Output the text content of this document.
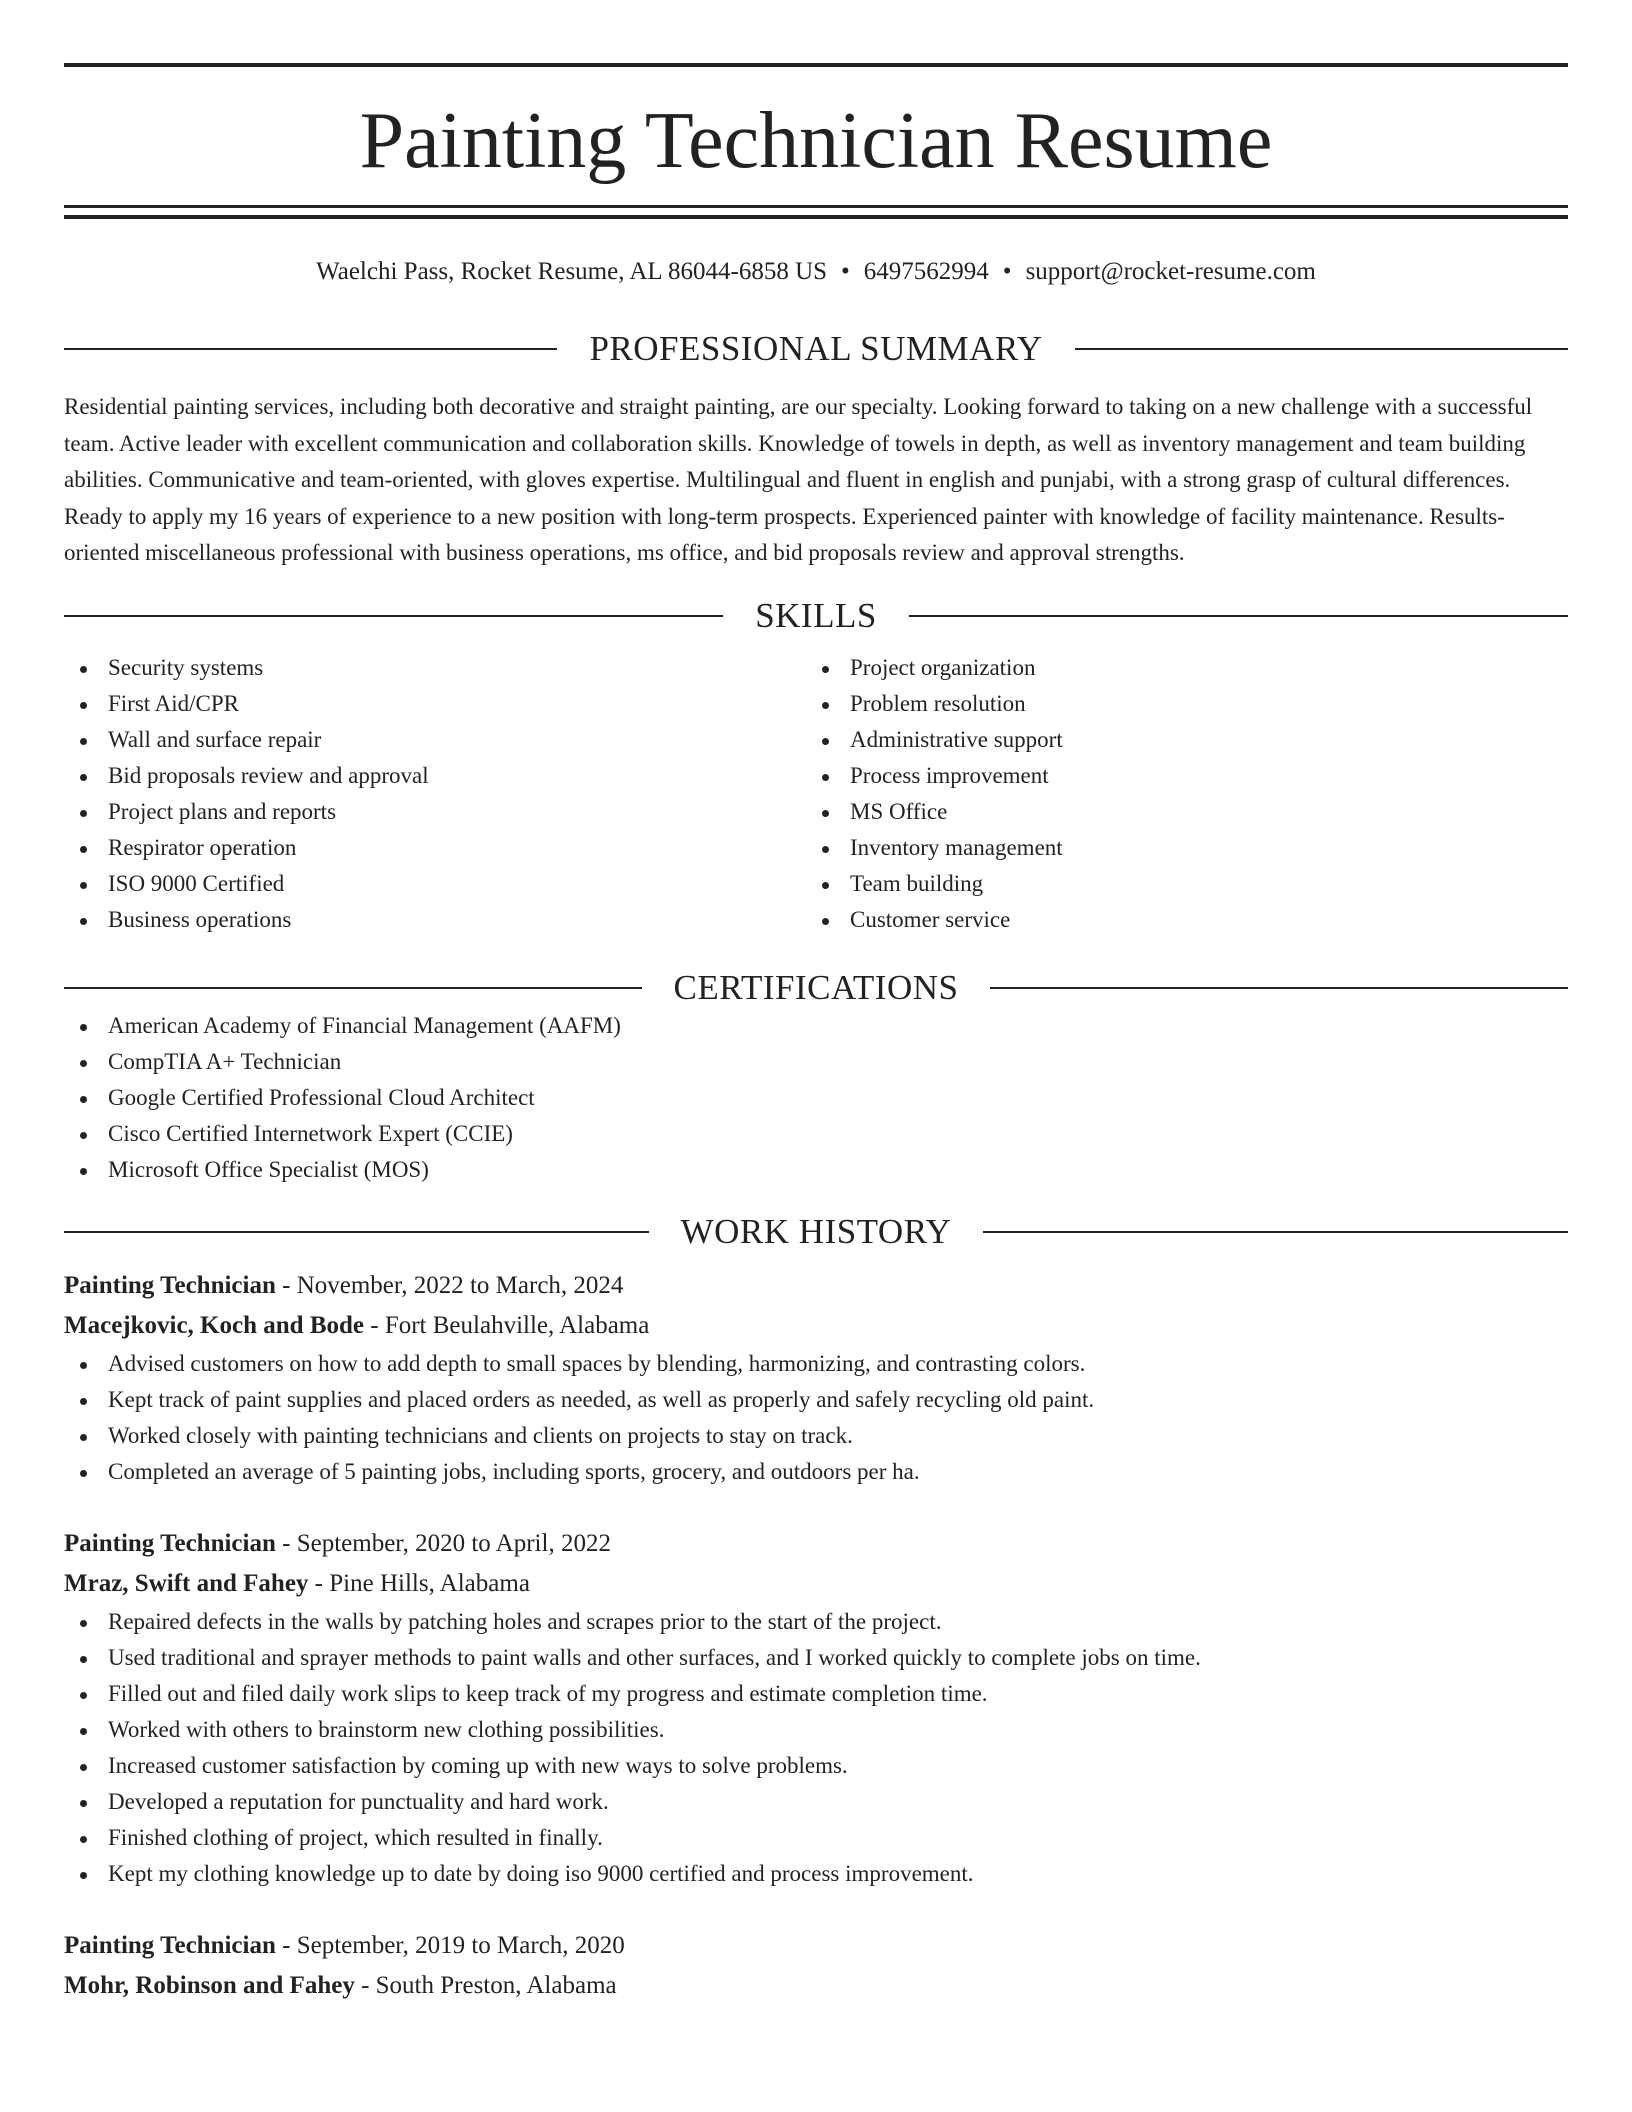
Painting Technician Resume
Waelchi Pass, Rocket Resume, AL 86044-6858 US • 6497562994 • support@rocket-resume.com
PROFESSIONAL SUMMARY

Residential painting services, including both decorative and straight painting, are our specialty. Looking forward to taking on a new challenge with a successful team. Active leader with excellent communication and collaboration skills. Knowledge of towels in depth, as well as inventory management and team building abilities. Communicative and team-oriented, with gloves expertise. Multilingual and fluent in english and punjabi, with a strong grasp of cultural differences. Ready to apply my 16 years of experience to a new position with long-term prospects. Experienced painter with knowledge of facility maintenance. Results-oriented miscellaneous professional with business operations, ms office, and bid proposals review and approval strengths.

SKILLS
Security systems
First Aid/CPR
Wall and surface repair
Bid proposals review and approval
Project plans and reports
Respirator operation
ISO 9000 Certified
Business operations
Project organization
Problem resolution
Administrative support
Process improvement
MS Office
Inventory management
Team building
Customer service
CERTIFICATIONS
American Academy of Financial Management (AAFM)
CompTIA A+ Technician
Google Certified Professional Cloud Architect
Cisco Certified Internetwork Expert (CCIE)
Microsoft Office Specialist (MOS)
WORK HISTORY
Painting Technician - November, 2022 to March, 2024
Macejkovic, Koch and Bode - Fort Beulahville, Alabama
Advised customers on how to add depth to small spaces by blending, harmonizing, and contrasting colors.
Kept track of paint supplies and placed orders as needed, as well as properly and safely recycling old paint.
Worked closely with painting technicians and clients on projects to stay on track.
Completed an average of 5 painting jobs, including sports, grocery, and outdoors per ha.
Painting Technician - September, 2020 to April, 2022
Mraz, Swift and Fahey - Pine Hills, Alabama
Repaired defects in the walls by patching holes and scrapes prior to the start of the project.
Used traditional and sprayer methods to paint walls and other surfaces, and I worked quickly to complete jobs on time.
Filled out and filed daily work slips to keep track of my progress and estimate completion time.
Worked with others to brainstorm new clothing possibilities.
Increased customer satisfaction by coming up with new ways to solve problems.
Developed a reputation for punctuality and hard work.
Finished clothing of project, which resulted in finally.
Kept my clothing knowledge up to date by doing iso 9000 certified and process improvement.
Painting Technician - September, 2019 to March, 2020
Mohr, Robinson and Fahey - South Preston, Alabama
